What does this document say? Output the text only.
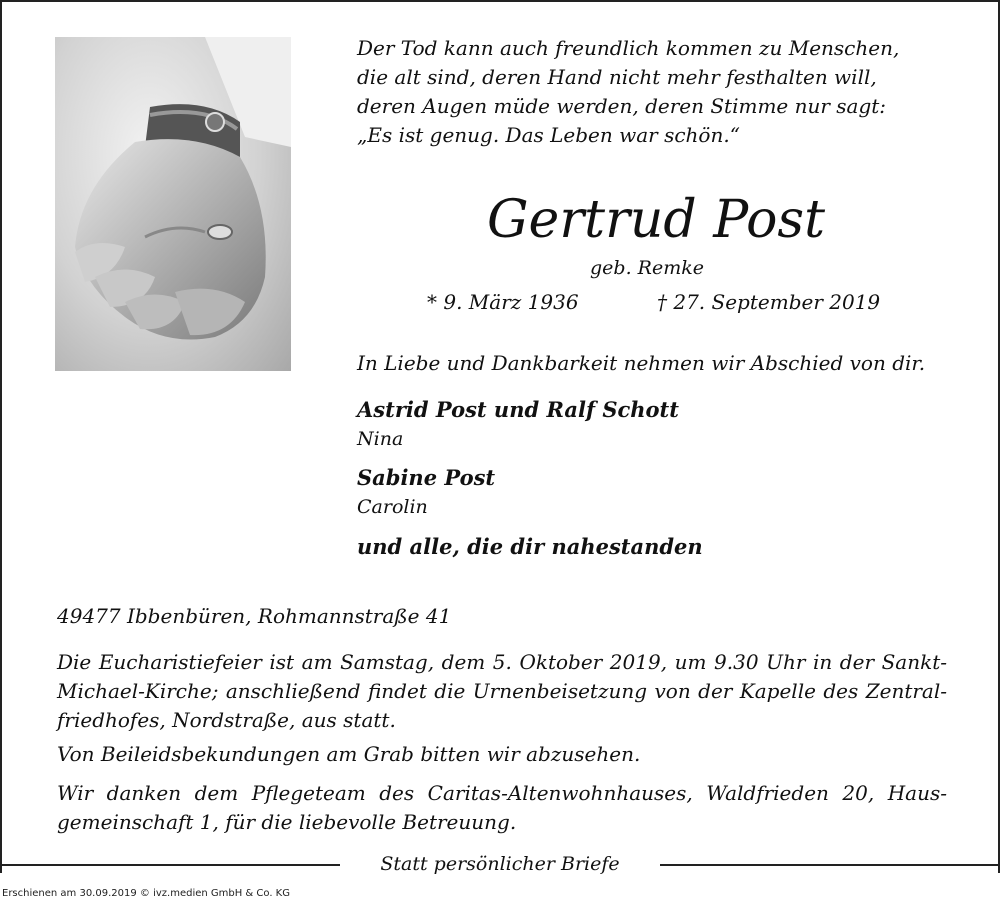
Der Tod kann auch freundlich kommen zu Menschen,
die alt sind, deren Hand nicht mehr festhalten will,
deren Augen müde werden, deren Stimme nur sagt:
„Es ist genug. Das Leben war schön.“
Gertrud Post
geb. Remke
* 9. März 1936	† 27. September 2019
In Liebe und Dankbarkeit nehmen wir Abschied von dir.
Astrid Post und Ralf Schott
Nina
Sabine Post
Carolin
und alle, die dir nahestanden
49477 Ibbenbüren, Rohmannstraße 41
Die Eucharistiefeier ist am Samstag, dem 5. Oktober 2019, um 9.30 Uhr in der Sankt-
Michael-Kirche; anschließend findet die Urnenbeisetzung von der Kapelle des Zentral-
friedhofes, Nordstraße, aus statt.
Von Beileidsbekundungen am Grab bitten wir abzusehen.
Wir danken dem Pflegeteam des Caritas-Altenwohnhauses, Waldfrieden 20, Haus-
gemeinschaft 1, für die liebevolle Betreuung.
Statt persönlicher Briefe
Erschienen am 30.09.2019 © ivz.medien GmbH & Co. KG
